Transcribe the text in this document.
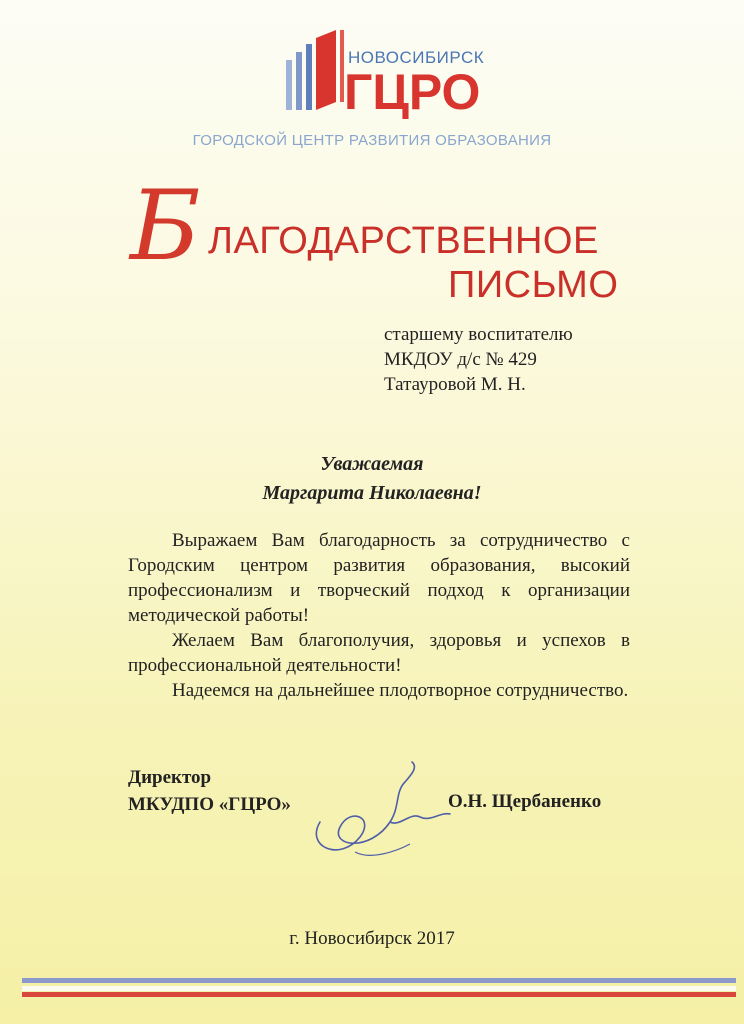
НОВОСИБИРСК
ГЦРО
ГОРОДСКОЙ ЦЕНТР РАЗВИТИЯ ОБРАЗОВАНИЯ
Б ЛАГОДАРСТВЕННОЕ
ПИСЬМО
старшему воспитателю
МКДОУ д/с № 429
Татауровой М. Н.
Уважаемая
Маргарита Николаевна!

Выражаем Вам благодарность за сотрудничество с Городским центром развития образования, высокий профессионализм и творческий подход к организации методической работы!

Желаем Вам благополучия, здоровья и успехов в профессиональной деятельности!

Надеемся на дальнейшее плодотворное сотрудничество.

Директор
МКУДПО «ГЦРО»	О.Н. Щербаненко
г. Новосибирск 2017
